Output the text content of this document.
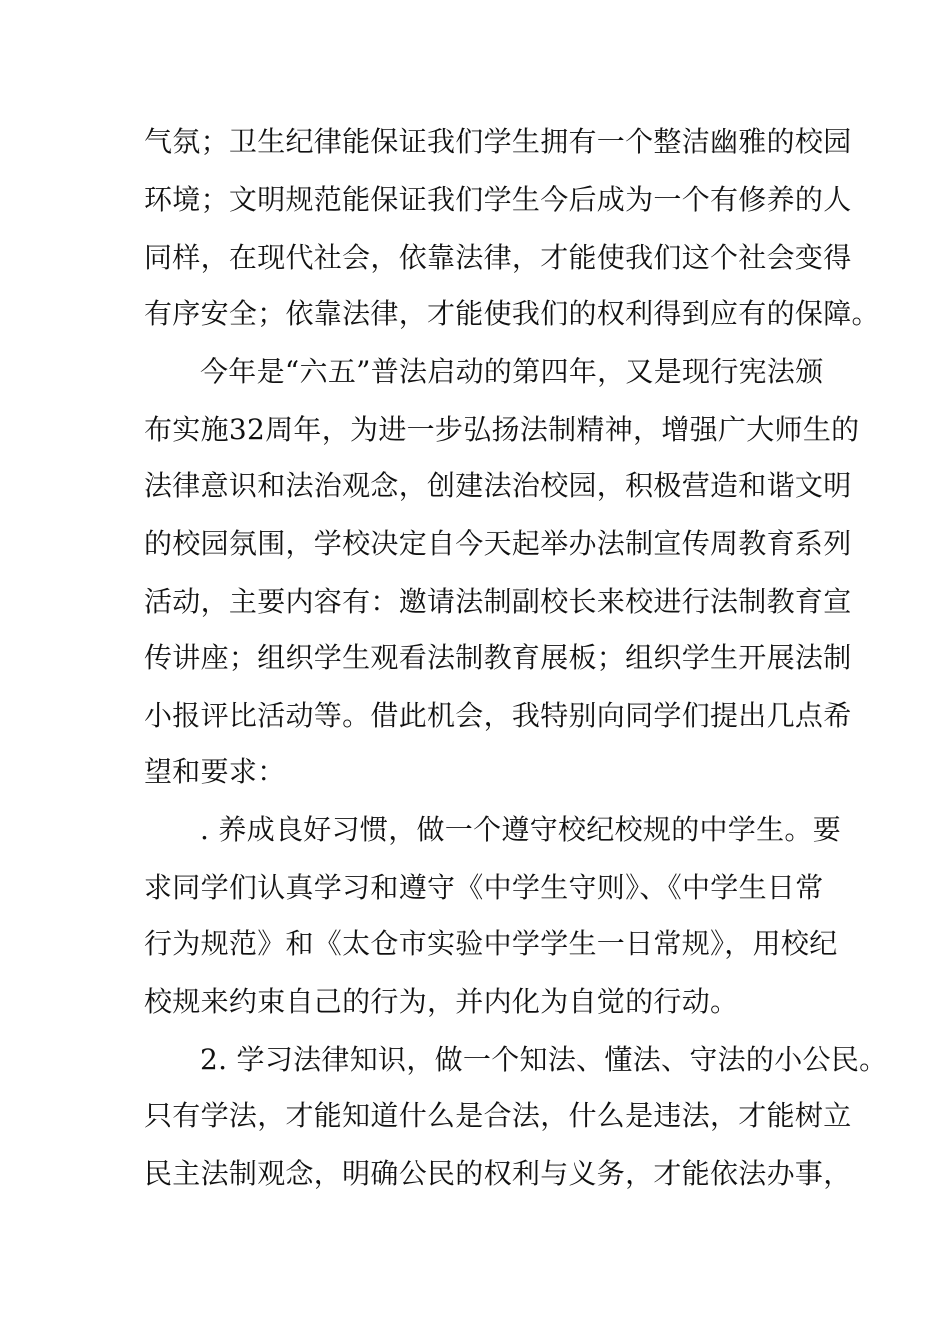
气氛；卫生纪律能保证我们学生拥有一个整洁幽雅的校园

环境；文明规范能保证我们学生今后成为一个有修养的人

同样，在现代社会，依靠法律，才能使我们这个社会变得

有序安全；依靠法律，才能使我们的权利得到应有的保障。

今年是“六五”普法启动的第四年，又是现行宪法颁

布实施32周年，为进一步弘扬法制精神，增强广大师生的

法律意识和法治观念，创建法治校园，积极营造和谐文明

的校园氛围，学校决定自今天起举办法制宣传周教育系列

活动，主要内容有：邀请法制副校长来校进行法制教育宣

传讲座；组织学生观看法制教育展板；组织学生开展法制

小报评比活动等。借此机会，我特别向同学们提出几点希

望和要求：

. 养成良好习惯，做一个遵守校纪校规的中学生。要

求同学们认真学习和遵守《中学生守则》、《中学生日常

行为规范》和《太仓市实验中学学生一日常规》，用校纪

校规来约束自己的行为，并内化为自觉的行动。

2. 学习法律知识，做一个知法、懂法、守法的小公民。

只有学法，才能知道什么是合法，什么是违法，才能树立

民主法制观念，明确公民的权利与义务，才能依法办事，
